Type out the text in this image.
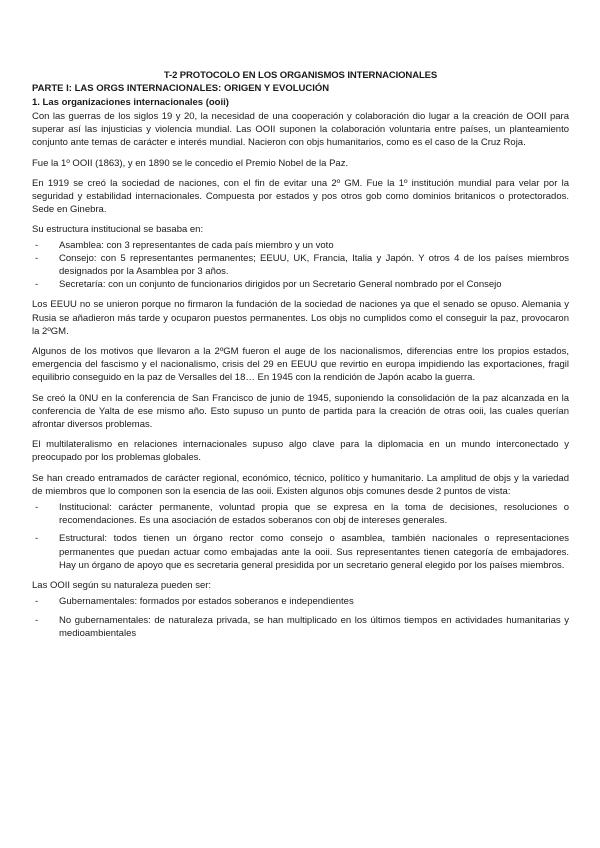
T-2 PROTOCOLO EN LOS ORGANISMOS INTERNACIONALES
PARTE I: LAS ORGS INTERNACIONALES: ORIGEN Y EVOLUCIÓN
1. Las organizaciones internacionales (ooii)

Con las guerras de los siglos 19 y 20, la necesidad de una cooperación y colaboración dio lugar a la creación de OOII para superar así las injusticias y violencia mundial. Las OOII suponen la colaboración voluntaria entre países, un planteamiento conjunto ante temas de carácter e interés mundial. Nacieron con objs humanitarios, como es el caso de la Cruz Roja.

Fue la 1º OOII (1863), y en 1890 se le concedio el Premio Nobel de la Paz.

En 1919 se creó la sociedad de naciones, con el fin de evitar una 2º GM. Fue la 1º institución mundial para velar por la seguridad y estabilidad internacionales. Compuesta por estados y pos otros gob como dominios britanicos o protectorados. Sede en Ginebra.

Su estructura institucional se basaba en:

- Asamblea: con 3 representantes de cada país miembro y un voto
- Consejo: con 5 representantes permanentes; EEUU, UK, Francia, Italia y Japón. Y otros 4 de los países miembros designados por la Asamblea por 3 años.
- Secretaría: con un conjunto de funcionarios dirigidos por un Secretario General nombrado por el Consejo

Los EEUU no se unieron porque no firmaron la fundación de la sociedad de naciones ya que el senado se opuso. Alemania y Rusia se añadieron más tarde y ocuparon puestos permanentes. Los objs no cumplidos como el conseguir la paz, provocaron la 2ºGM.

Algunos de los motivos que llevaron a la 2ºGM fueron el auge de los nacionalismos, diferencias entre los propios estados, emergencia del fascismo y el nacionalismo, crisis del 29 en EEUU que revirtio en europa impidiendo las exportaciones, fragil equilibrio conseguido en la paz de Versalles del 18… En 1945 con la rendición de Japón acabo la guerra.

Se creó la 0NU en la conferencia de San Francisco de junio de 1945, suponiendo la consolidación de la paz alcanzada en la conferencia de Yalta de ese mismo año. Esto supuso un punto de partida para la creación de otras ooii, las cuales querían afrontar diversos problemas.

El multilateralismo en relaciones internacionales supuso algo clave para la diplomacia en un mundo interconectado y preocupado por los problemas globales.

Se han creado entramados de carácter regional, económico, técnico, político y humanitario. La amplitud de objs y la variedad de miembros que lo componen son la esencia de las ooii. Existen algunos objs comunes desde 2 puntos de vista:

- Institucional: carácter permanente, voluntad propia que se expresa en la toma de decisiones, resoluciones o recomendaciones. Es una asociación de estados soberanos con obj de intereses generales.
- Estructural: todos tienen un órgano rector como consejo o asamblea, también nacionales o representaciones permanentes que puedan actuar como embajadas ante la ooii. Sus representantes tienen categoría de embajadores. Hay un órgano de apoyo que es secretaria general presidida por un secretario general elegido por los países miembros.

Las OOII según su naturaleza pueden ser:

- Gubernamentales: formados por estados soberanos e independientes
- No gubernamentales: de naturaleza privada, se han multiplicado en los últimos tiempos en actividades humanitarias y medioambientales
